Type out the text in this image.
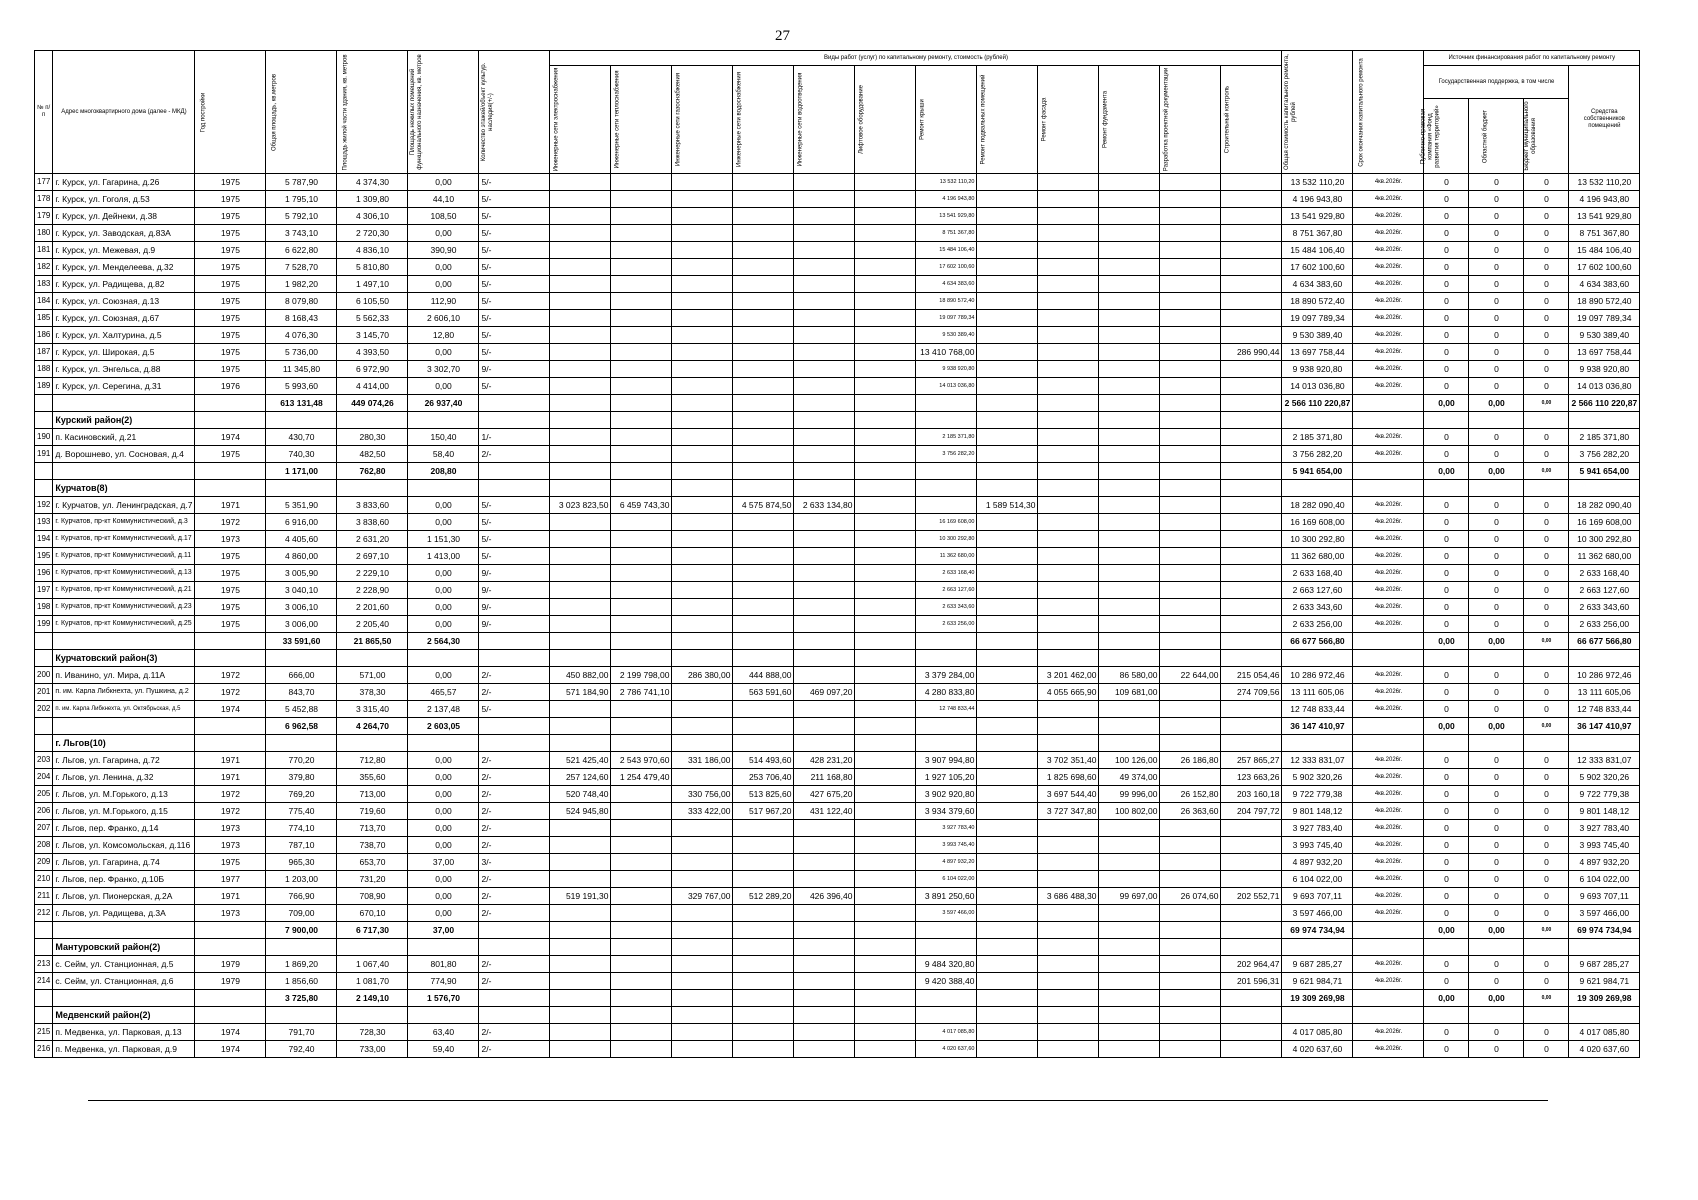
27
№ п/п	Адрес многоквартирного дома (далее - МКД)	Год постройки	Общая площадь, кв.метров	Площадь жилой части здания, кв. метров	Площадь нежилых помещений функционального назначения, кв. метров	Количество этажей/объект культур. наследия(+/-)	Виды работ (услуг) по капитальному ремонту, стоимость (рублей)												Общая стоимость капитального ремонта, рублей	Срок окончания капитального ремонта	Источник финансирования работ по капитальному ремонту			

							Инженерные сети электроснабжения	Инженерные сети теплоснабжения	Инженерные сети газоснабжения	Инженерные сети водоснабжения	Инженерные сети водоотведения	Лифтовое оборудование	Ремонт крыши	Ремонт подвальных помещений	Ремонт фасада	Ремонт фундамента	Разработка проектной документации	Строительный контроль			Государственная поддержка, в том числе			Средства собственников помещений

																					Публично-правовая компания «Фонд развития территорий»	Областной бюджет	Бюджет муниципального образования	

177	г. Курск, ул. Гагарина, д.26	1975	5 787,90	4 374,30	0,00	5/-							13 532 110,20						13 532 110,20	4кв.2026г.	0	0	0	13 532 110,20
178	г. Курск, ул. Гоголя, д.53	1975	1 795,10	1 309,80	44,10	5/-							4 196 943,80						4 196 943,80	4кв.2026г.	0	0	0	4 196 943,80
179	г. Курск, ул. Дейнеки, д.38	1975	5 792,10	4 306,10	108,50	5/-							13 541 929,80						13 541 929,80	4кв.2026г.	0	0	0	13 541 929,80
180	г. Курск, ул. Заводская, д.83А	1975	3 743,10	2 720,30	0,00	5/-							8 751 367,80						8 751 367,80	4кв.2026г.	0	0	0	8 751 367,80
181	г. Курск, ул. Межевая, д.9	1975	6 622,80	4 836,10	390,90	5/-							15 484 106,40						15 484 106,40	4кв.2026г.	0	0	0	15 484 106,40
182	г. Курск, ул. Менделеева, д.32	1975	7 528,70	5 810,80	0,00	5/-							17 602 100,60						17 602 100,60	4кв.2026г.	0	0	0	17 602 100,60
183	г. Курск, ул. Радищева, д.82	1975	1 982,20	1 497,10	0,00	5/-							4 634 383,60						4 634 383,60	4кв.2026г.	0	0	0	4 634 383,60
184	г. Курск, ул. Союзная, д.13	1975	8 079,80	6 105,50	112,90	5/-							18 890 572,40						18 890 572,40	4кв.2026г.	0	0	0	18 890 572,40
185	г. Курск, ул. Союзная, д.67	1975	8 168,43	5 562,33	2 606,10	5/-							19 097 789,34						19 097 789,34	4кв.2026г.	0	0	0	19 097 789,34
186	г. Курск, ул. Халтурина, д.5	1975	4 076,30	3 145,70	12,80	5/-							9 530 389,40						9 530 389,40	4кв.2026г.	0	0	0	9 530 389,40
187	г. Курск, ул. Широкая, д.5	1975	5 736,00	4 393,50	0,00	5/-							13 410 768,00					286 990,44	13 697 758,44	4кв.2026г.	0	0	0	13 697 758,44
188	г. Курск, ул. Энгельса, д.88	1975	11 345,80	6 972,90	3 302,70	9/-							9 938 920,80						9 938 920,80	4кв.2026г.	0	0	0	9 938 920,80
189	г. Курск, ул. Серегина, д.31	1976	5 993,60	4 414,00	0,00	5/-							14 013 036,80						14 013 036,80	4кв.2026г.	0	0	0	14 013 036,80
			613 131,48	449 074,26	26 937,40														2 566 110 220,87		0,00	0,00	0,00	2 566 110 220,87
	Курский район(2)																							
190	п. Касиновский, д.21	1974	430,70	280,30	150,40	1/-							2 185 371,80						2 185 371,80	4кв.2026г.	0	0	0	2 185 371,80
191	д. Ворошнево, ул. Сосновая, д.4	1975	740,30	482,50	58,40	2/-							3 756 282,20						3 756 282,20	4кв.2026г.	0	0	0	3 756 282,20
			1 171,00	762,80	208,80														5 941 654,00		0,00	0,00	0,00	5 941 654,00
	Курчатов(8)																							
192	г. Курчатов, ул. Ленинградская, д.7	1971	5 351,90	3 833,60	0,00	5/-	3 023 823,50	6 459 743,30		4 575 874,50	2 633 134,80			1 589 514,30					18 282 090,40	4кв.2026г.	0	0	0	18 282 090,40
193	г. Курчатов, пр-кт Коммунистический, д.3	1972	6 916,00	3 838,60	0,00	5/-							16 169 608,00						16 169 608,00	4кв.2026г.	0	0	0	16 169 608,00
194	г. Курчатов, пр-кт Коммунистический, д.17	1973	4 405,60	2 631,20	1 151,30	5/-							10 300 292,80						10 300 292,80	4кв.2026г.	0	0	0	10 300 292,80
195	г. Курчатов, пр-кт Коммунистический, д.11	1975	4 860,00	2 697,10	1 413,00	5/-							11 362 680,00						11 362 680,00	4кв.2026г.	0	0	0	11 362 680,00
196	г. Курчатов, пр-кт Коммунистический, д.13	1975	3 005,90	2 229,10	0,00	9/-							2 633 168,40						2 633 168,40	4кв.2026г.	0	0	0	2 633 168,40
197	г. Курчатов, пр-кт Коммунистический, д.21	1975	3 040,10	2 228,90	0,00	9/-							2 663 127,60						2 663 127,60	4кв.2026г.	0	0	0	2 663 127,60
198	г. Курчатов, пр-кт Коммунистический, д.23	1975	3 006,10	2 201,60	0,00	9/-							2 633 343,60						2 633 343,60	4кв.2026г.	0	0	0	2 633 343,60
199	г. Курчатов, пр-кт Коммунистический, д.25	1975	3 006,00	2 205,40	0,00	9/-							2 633 256,00						2 633 256,00	4кв.2026г.	0	0	0	2 633 256,00
			33 591,60	21 865,50	2 564,30														66 677 566,80		0,00	0,00	0,00	66 677 566,80
	Курчатовский район(3)																							
200	п. Иванино, ул. Мира, д.11А	1972	666,00	571,00	0,00	2/-	450 882,00	2 199 798,00	286 380,00	444 888,00			3 379 284,00		3 201 462,00	86 580,00	22 644,00	215 054,46	10 286 972,46	4кв.2026г.	0	0	0	10 286 972,46
201	п. им. Карла Либкнехта, ул. Пушкина, д.2	1972	843,70	378,30	465,57	2/-	571 184,90	2 786 741,10		563 591,60	469 097,20		4 280 833,80		4 055 665,90	109 681,00		274 709,56	13 111 605,06	4кв.2026г.	0	0	0	13 111 605,06
202	п. им. Карла Либкнехта, ул. Октябрьская, д.5	1974	5 452,88	3 315,40	2 137,48	5/-							12 748 833,44						12 748 833,44	4кв.2026г.	0	0	0	12 748 833,44
			6 962,58	4 264,70	2 603,05														36 147 410,97		0,00	0,00	0,00	36 147 410,97
	г. Льгов(10)																							
203	г. Льгов, ул. Гагарина, д.72	1971	770,20	712,80	0,00	2/-	521 425,40	2 543 970,60	331 186,00	514 493,60	428 231,20		3 907 994,80		3 702 351,40	100 126,00	26 186,80	257 865,27	12 333 831,07	4кв.2026г.	0	0	0	12 333 831,07
204	г. Льгов, ул. Ленина, д.32	1971	379,80	355,60	0,00	2/-	257 124,60	1 254 479,40		253 706,40	211 168,80		1 927 105,20		1 825 698,60	49 374,00		123 663,26	5 902 320,26	4кв.2026г.	0	0	0	5 902 320,26
205	г. Льгов, ул. М.Горького, д.13	1972	769,20	713,00	0,00	2/-	520 748,40		330 756,00	513 825,60	427 675,20		3 902 920,80		3 697 544,40	99 996,00	26 152,80	203 160,18	9 722 779,38	4кв.2026г.	0	0	0	9 722 779,38
206	г. Льгов, ул. М.Горького, д.15	1972	775,40	719,60	0,00	2/-	524 945,80		333 422,00	517 967,20	431 122,40		3 934 379,60		3 727 347,80	100 802,00	26 363,60	204 797,72	9 801 148,12	4кв.2026г.	0	0	0	9 801 148,12
207	г. Льгов, пер. Франко, д.14	1973	774,10	713,70	0,00	2/-							3 927 783,40						3 927 783,40	4кв.2026г.	0	0	0	3 927 783,40
208	г. Льгов, ул. Комсомольская, д.116	1973	787,10	738,70	0,00	2/-							3 993 745,40						3 993 745,40	4кв.2026г.	0	0	0	3 993 745,40
209	г. Льгов, ул. Гагарина, д.74	1975	965,30	653,70	37,00	3/-							4 897 932,20						4 897 932,20	4кв.2026г.	0	0	0	4 897 932,20
210	г. Льгов, пер. Франко, д.10Б	1977	1 203,00	731,20	0,00	2/-							6 104 022,00						6 104 022,00	4кв.2026г.	0	0	0	6 104 022,00
211	г. Льгов, ул. Пионерская, д.2А	1971	766,90	708,90	0,00	2/-	519 191,30		329 767,00	512 289,20	426 396,40		3 891 250,60		3 686 488,30	99 697,00	26 074,60	202 552,71	9 693 707,11	4кв.2026г.	0	0	0	9 693 707,11
212	г. Льгов, ул. Радищева, д.3А	1973	709,00	670,10	0,00	2/-							3 597 466,00						3 597 466,00	4кв.2026г.	0	0	0	3 597 466,00
			7 900,00	6 717,30	37,00														69 974 734,94		0,00	0,00	0,00	69 974 734,94
	Мантуровский район(2)																							
213	с. Сейм, ул. Станционная, д.5	1979	1 869,20	1 067,40	801,80	2/-							9 484 320,80					202 964,47	9 687 285,27	4кв.2026г.	0	0	0	9 687 285,27
214	с. Сейм, ул. Станционная, д.6	1979	1 856,60	1 081,70	774,90	2/-							9 420 388,40					201 596,31	9 621 984,71	4кв.2026г.	0	0	0	9 621 984,71
			3 725,80	2 149,10	1 576,70														19 309 269,98		0,00	0,00	0,00	19 309 269,98
	Медвенский район(2)																							
215	п. Медвенка, ул. Парковая, д.13	1974	791,70	728,30	63,40	2/-							4 017 085,80						4 017 085,80	4кв.2026г.	0	0	0	4 017 085,80
216	п. Медвенка, ул. Парковая, д.9	1974	792,40	733,00	59,40	2/-							4 020 637,60						4 020 637,60	4кв.2026г.	0	0	0	4 020 637,60
